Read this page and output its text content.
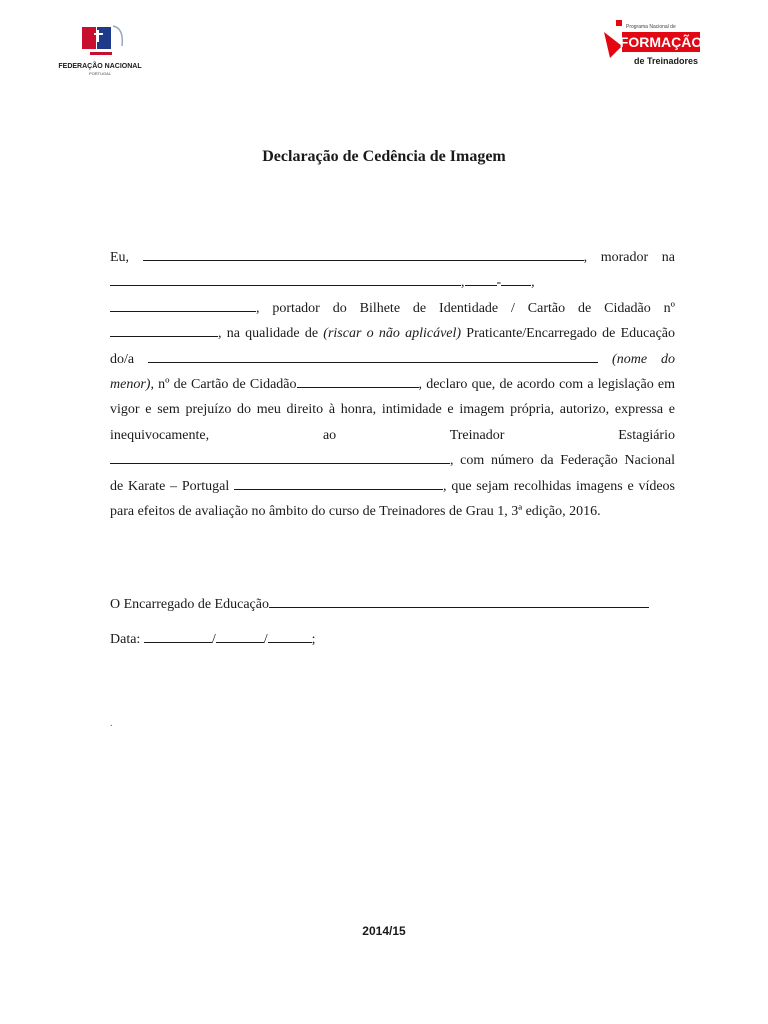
FEDERAÇÃO NACIONAL
PORTUGAL
Programa Nacional de
FORMAÇÃO
de Treinadores
Declaração de Cedência de Imagem

Eu,	, morador na , - , , portador do Bilhete de Identidade / Cartão de Cidadão nº , na qualidade de (riscar o não aplicável) Praticante/Encarregado de Educação do/a	(nome do menor), nº de Cartão de Cidadão	, declaro que, de acordo com a legislação em vigor e sem prejuízo do meu direito à honra, intimidade e imagem própria, autorizo, expressa e inequivocamente, ao Treinador Estagiário , com número da Federação Nacional de Karate – Portugal	, que sejam recolhidas imagens e vídeos para efeitos de avaliação no âmbito do curso de Treinadores de Grau 1, 3ª edição, 2016.

O Encarregado de Educação
Data:	/	/	;
.
2014/15
